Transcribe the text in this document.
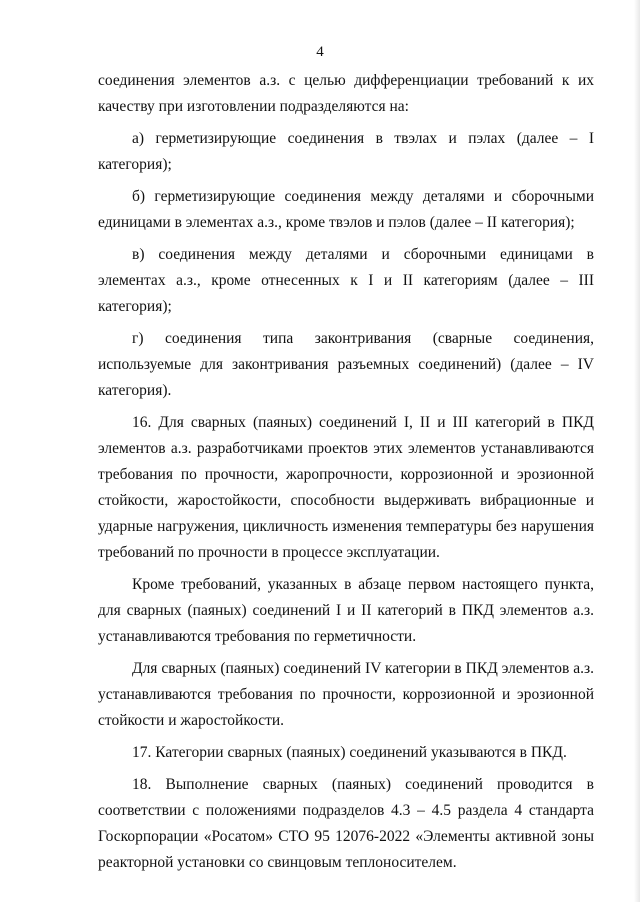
4

соединения элементов а.з. с целью дифференциации требований к их качеству при изготовлении подразделяются на:

а) герметизирующие соединения в твэлах и пэлах (далее – I категория);

б) герметизирующие соединения между деталями и сборочными единицами в элементах а.з., кроме твэлов и пэлов (далее – II категория);

в) соединения между деталями и сборочными единицами в элементах а.з., кроме отнесенных к I и II категориям (далее – III категория);

г) соединения типа законтривания (сварные соединения, используемые для законтривания разъемных соединений) (далее – IV категория).

16. Для сварных (паяных) соединений I, II и III категорий в ПКД элементов а.з. разработчиками проектов этих элементов устанавливаются требования по прочности, жаропрочности, коррозионной и эрозионной стойкости, жаростойкости, способности выдерживать вибрационные и ударные нагружения, цикличность изменения температуры без нарушения требований по прочности в процессе эксплуатации.

Кроме требований, указанных в абзаце первом настоящего пункта, для сварных (паяных) соединений I и II категорий в ПКД элементов а.з. устанавливаются требования по герметичности.

Для сварных (паяных) соединений IV категории в ПКД элементов а.з. устанавливаются требования по прочности, коррозионной и эрозионной стойкости и жаростойкости.

17. Категории сварных (паяных) соединений указываются в ПКД.

18. Выполнение сварных (паяных) соединений проводится в соответствии с положениями подразделов 4.3 – 4.5 раздела 4 стандарта Госкорпорации «Росатом» СТО 95 12076-2022 «Элементы активной зоны реакторной установки со свинцовым теплоносителем.
